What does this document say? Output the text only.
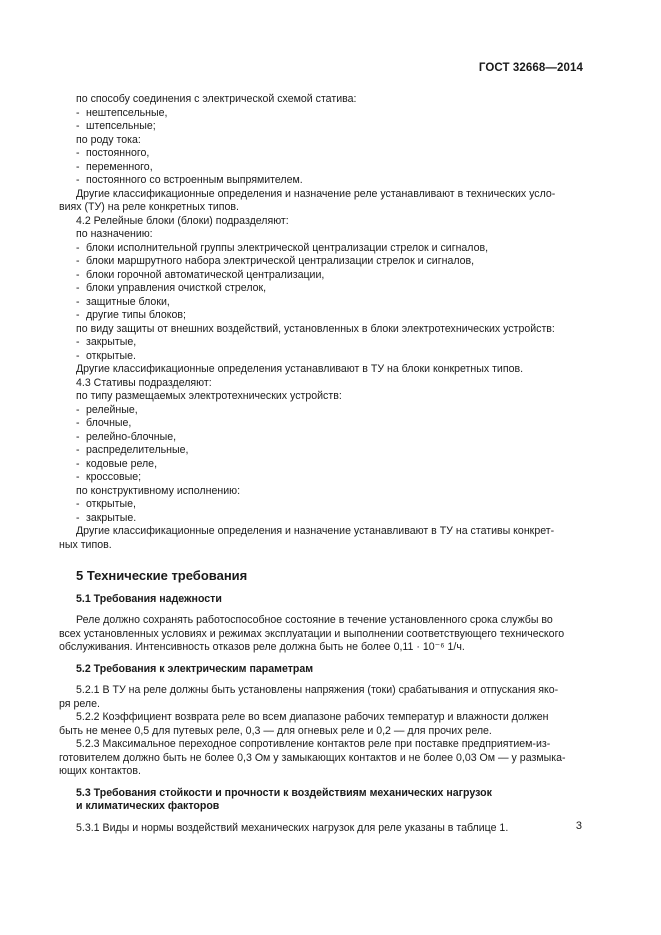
ГОСТ 32668—2014

по способу соединения с электрической схемой статива:

- нештепсельные,
- штепсельные;

по роду тока:

- постоянного,
- переменного,
- постоянного со встроенным выпрямителем.

Другие классификационные определения и назначение реле устанавливают в технических усло-

виях (ТУ) на реле конкретных типов.

4.2 Релейные блоки (блоки) подразделяют:

по назначению:

- блоки исполнительной группы электрической централизации стрелок и сигналов,
- блоки маршрутного набора электрической централизации стрелок и сигналов,
- блоки горочной автоматической централизации,
- блоки управления очисткой стрелок,
- защитные блоки,
- другие типы блоков;

по виду защиты от внешних воздействий, установленных в блоки электротехнических устройств:

- закрытые,
- открытые.

Другие классификационные определения устанавливают в ТУ на блоки конкретных типов.

4.3 Стативы подразделяют:

по типу размещаемых электротехнических устройств:

- релейные,
- блочные,
- релейно-блочные,
- распределительные,
- кодовые реле,
- кроссовые;

по конструктивному исполнению:

- открытые,
- закрытые.

Другие классификационные определения и назначение устанавливают в ТУ на стативы конкрет-

ных типов.

5 Технические требования
5.1 Требования надежности

Реле должно сохранять работоспособное состояние в течение установленного срока службы во

всех установленных условиях и режимах эксплуатации и выполнении соответствующего технического

обслуживания. Интенсивность отказов реле должна быть не более 0,11 · 10⁻⁶ 1/ч.

5.2 Требования к электрическим параметрам

5.2.1 В ТУ на реле должны быть установлены напряжения (токи) срабатывания и отпускания яко-

ря реле.

5.2.2 Коэффициент возврата реле во всем диапазоне рабочих температур и влажности должен

быть не менее 0,5 для путевых реле, 0,3 — для огневых реле и 0,2 — для прочих реле.

5.2.3 Максимальное переходное сопротивление контактов реле при поставке предприятием-из-

готовителем должно быть не более 0,3 Ом у замыкающих контактов и не более 0,03 Ом — у размыка-

ющих контактов.

5.3 Требования стойкости и прочности к воздействиям механических нагрузок
и климатических факторов

5.3.1 Виды и нормы воздействий механических нагрузок для реле указаны в таблице 1.	3
